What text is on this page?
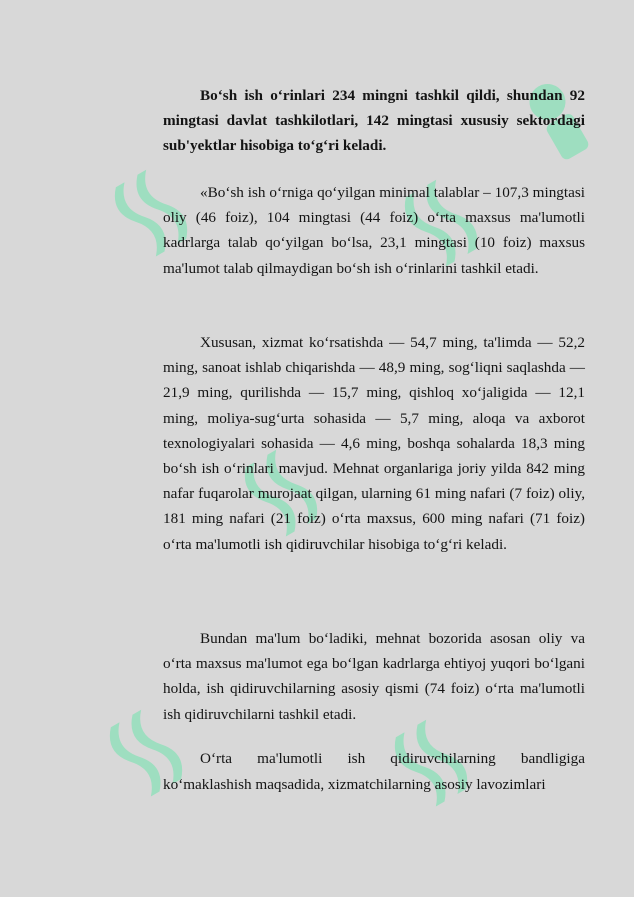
Bo‘sh ish o‘rinlari 234 mingni tashkil qildi, shundan 92 mingtasi davlat tashkilotlari, 142 mingtasi xususiy sektordagi sub'yektlar hisobiga to‘g‘ri keladi.

«Bo‘sh ish o‘rniga qo‘yilgan minimal talablar – 107,3 mingtasi oliy (46 foiz), 104 mingtasi (44 foiz) o‘rta maxsus ma'lumotli kadrlarga talab qo‘yilgan bo‘lsa, 23,1 mingtasi (10 foiz) maxsus ma'lumot talab qilmaydigan bo‘sh ish o‘rinlarini tashkil etadi.

Xususan, xizmat ko‘rsatishda — 54,7 ming, ta'limda — 52,2 ming, sanoat ishlab chiqarishda — 48,9 ming, sog‘liqni saqlashda — 21,9 ming, qurilishda — 15,7 ming, qishloq xo‘jaligida — 12,1 ming, moliya-sug‘urta sohasida — 5,7 ming, aloqa va axborot texnologiyalari sohasida — 4,6 ming, boshqa sohalarda 18,3 ming bo‘sh ish o‘rinlari mavjud. Mehnat organlariga joriy yilda 842 ming nafar fuqarolar murojaat qilgan, ularning 61 ming nafari (7 foiz) oliy, 181 ming nafari (21 foiz) o‘rta maxsus, 600 ming nafari (71 foiz) o‘rta ma'lumotli ish qidiruvchilar hisobiga to‘g‘ri keladi.

Bundan ma'lum bo‘ladiki, mehnat bozorida asosan oliy va o‘rta maxsus ma'lumot ega bo‘lgan kadrlarga ehtiyoj yuqori bo‘lgani holda, ish qidiruvchilarning asosiy qismi (74 foiz) o‘rta ma'lumotli ish qidiruvchilarni tashkil etadi.

O‘rta ma'lumotli ish qidiruvchilarning bandligiga ko‘maklashish maqsadida, xizmatchilarning asosiy lavozimlari
